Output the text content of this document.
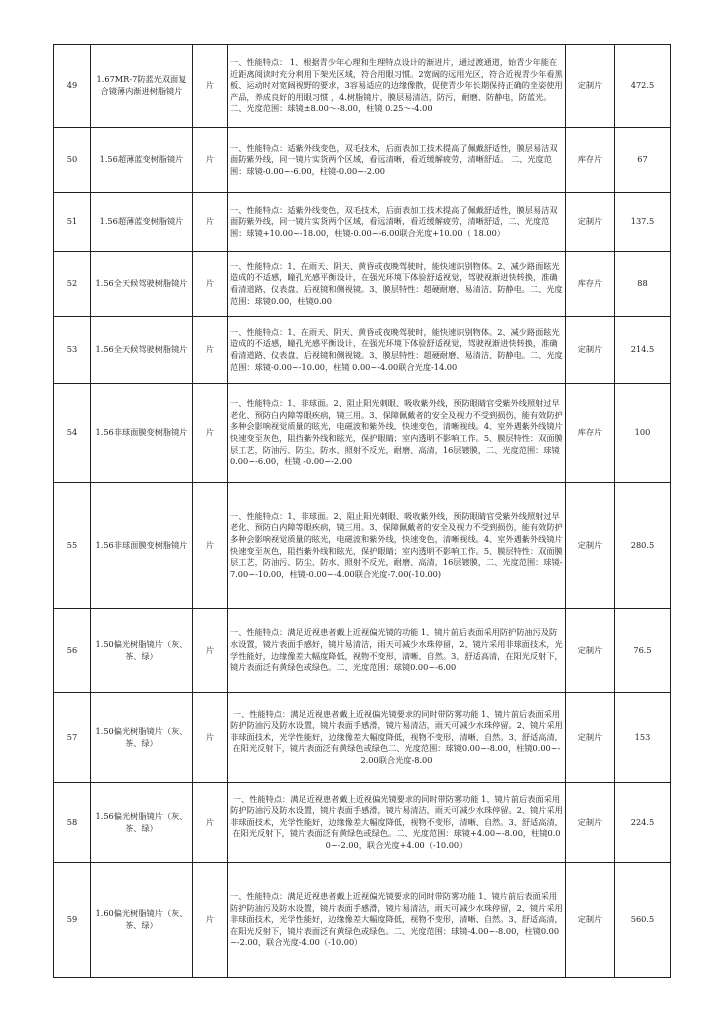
49	1.67MR-7防蓝光双面复合镜薄内渐进树脂镜片	片	一、性能特点： 1、根据青少年心理和生理特点设计的渐进片，通过渡通道，始青少年能在近距离阅读时充分利用下架光区域，符合用眼习惯。2宽阔的远用光区，符合近视青少年看黑板、运动时对宽阔视野的要求，3容易适应的边缘像散，促使青少年长期保持正确的坐姿使用产品，养成良好的用眼习惯 ，4.树脂镜片，膜层易清洁，防污，耐磨、防静电，防蓝光。二、光度范围：球镜±8.00～-8.00，柱镜 0.25～-4.00	定制片	472.5
50	1.56超薄蓝变树脂镜片	片	一、性能特点：适紫外线变色，双毛技术，后面表加工技术提高了佩戴舒适性，膜层易洁双面防紫外线，同一镜片实货两个区域，看远清晰，看近缓解疲劳，清晰舒适。 二、光度范围：球镜-0.00~-6.00，柱镜-0.00~-2.00	库存片	67
51	1.56超薄蓝变树脂镜片	片	一、性能特点：适紫外线变色，双毛技术，后面表加工技术提高了佩戴舒适性，膜层易洁双面防紫外线，同一镜片实货两个区域，看远清晰，看近缓解疲劳，清晰舒适，二、光度范围：球镜+10.00~-18.00，柱镜-0.00~-6.00联合光度+10.00（ 18.00）	定制片	137.5
52	1.56全天候驾驶树脂镜片	片	一、性能特点：1、在雨天、阴天、黄昏或夜晚驾驶时，能快速识别物体。2、减少路面眩光造成的不适感，瞳孔光感平衡设计，在强光环境下体验舒适视觉，驾驶视渐进快转换，准确看清道路、仪表盘、后视镜和侧视镜。3、膜层特性：超硬耐磨、易清洁、防静电。二、光度范围：球镜0.00，柱镜0.00	库存片	88
53	1.56全天候驾驶树脂镜片	片	一、性能特点：1、在雨天、阴天、黄昏或夜晚驾驶时，能快速识别物体。2、减少路面眩光造成的不适感，瞳孔光感平衡设计，在强光环境下体验舒适视觉，驾驶视渐进快转换，准确看清道路、仪表盘、后视镜和侧视镜。3、膜层特性：超硬耐磨、易清洁、防静电。二、光度范围：球镜-0.00~-10.00，柱镜 0.00~-4.00联合光度-14.00	定制片	214.5
54	1.56非球面膜变树脂镜片	片	一、性能特点：1、非球面。2、阻止阳光刺眼、吸收紫外线，预防眼睛官受紫外线照射过早老化、预防白内障等眼疾病，镜三用。3、保障佩戴者的安全及视力不受到损伤，能有效防护多种会影响视觉质量的眩光，电磁波和紫外线，快速变色，清晰视线。4、室外遇紫外线镜片快速变至灰色，阻挡紫外线和眩光，保护眼睛；室内透明不影响工作。5、膜层特性：双面膜层工艺，防油污、防尘、防水、照射不反光，耐磨、高清，16层镀膜，二、光度范围：球镜0.00~-6.00，柱镜 -0.00~-2.00	库存片	100
55	1.56非球面膜变树脂镜片	片	一、性能特点：1、非球面。2、阻止阳光刺眼、吸收紫外线，预防眼睛官受紫外线照射过早老化、预防白内障等眼疾病，镜三用。3、保障佩戴者的安全及视力不受到损伤，能有效防护多种会影响视觉质量的眩光，电磁波和紫外线，快速变色，清晰视线。4、室外遇紫外线镜片快速变至灰色，阻挡紫外线和眩光，保护眼睛；室内透明不影响工作。5、膜层特性：双面膜层工艺，防油污、防尘、防水、照射不反光，耐磨、高清，16层镀膜，二、光度范围：球镜-7.00~-10.00，柱镜-0.00~-4.00联合光度-7.00(-10.00)	定制片	280.5
56	1.50偏光树脂镜片（灰、茶、绿）	片	一、性能特点：满足近视患者戴上近视偏光镜的功能 1、镜片前后表面采用防护防油污及防水设置，镜片表面手感好，镜片易清洁，雨天可减少水珠停留，2、镜片采用非球面技术，光学性能好，边缘像差大幅度降低，视物不变形，清晰、自然。3、舒适高清，在阳光反射下，镜片表面泛有黄绿色或绿色。二、光度范围：球镜0.00~-6.00	定制片	76.5
57	1.50偏光树脂镜片（灰、茶、绿）	片	一、性能特点：满足近视患者戴上近视偏光镜要求的同时带防雾功能 1、镜片前后表面采用防护防油污及防水设置，镜片表面手感滑，镜片易清洁，雨天可减少水珠停留。2、镜片采用非球面技术，光学性能好，边缘像差大幅度降低，视物不变形，清晰、自然。3、舒适高清，在阳光反射下，镜片表面泛有黄绿色或绿色二、光度范围：球镜0.00~-8.00，柱镜0.00~-2.00联合光度-8.00	定制片	153
58	1.56偏光树脂镜片（灰、茶、绿）	片	一、性能特点：满足近视患者戴上近视偏光镜要求的同时带防雾功能 1、镜片前后表面采用防护防油污及防水设置，镜片表面手感滑，镜片易清洁，雨天可减少水珠停留。2、镜片采用非球面技术，光学性能好，边缘像差大幅度降低，视物不变形，清晰、自然。3、舒适高清，在阳光反射下，镜片表面泛有黄绿色或绿色。二、光度范围：球镜+4.00~-8.00，柱镜0.00~-2.00，联合光度+4.00（-10.00）	定制片	224.5
59	1.60偏光树脂镜片（灰、茶、绿）	片	一、性能特点：满足近视患者戴上近视偏光镜要求的同时带防雾功能 1、镜片前后表面采用防护防油污及防水设置，镜片表面手感滑，镜片易清洁，雨天可减少水珠停留，2、镜片采用非球面技术，光学性能好，边缘像差大幅度降低，视物不变形，清晰、自然。3、舒适高清，在阳光反射下，镜片表面泛有黄绿色或绿色。二、光度范围：球镜-4.00~-8.00，柱镜0.00~-2.00，联合光度-4.00（-10.00）	定制片	560.5
